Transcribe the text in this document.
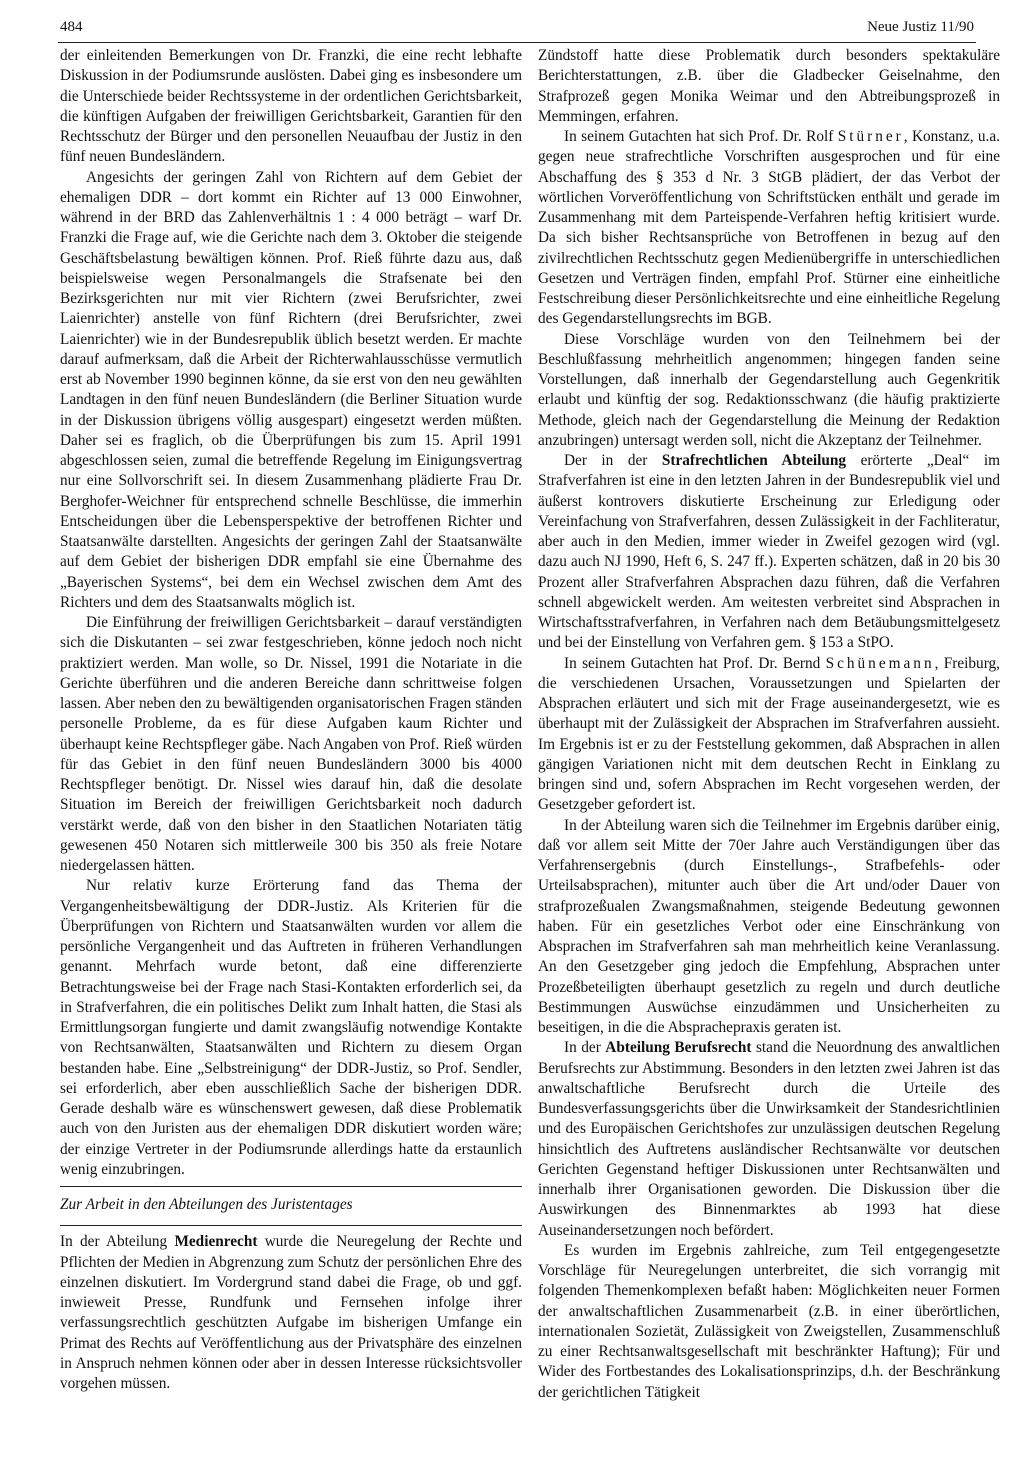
484	Neue Justiz 11/90

der einleitenden Bemerkungen von Dr. Franzki, die eine recht lebhafte Diskussion in der Podiumsrunde auslösten. Dabei ging es insbesondere um die Unterschiede beider Rechtssysteme in der ordentlichen Gerichtsbarkeit, die künftigen Aufgaben der freiwilligen Gerichtsbarkeit, Garantien für den Rechtsschutz der Bürger und den personellen Neuaufbau der Justiz in den fünf neuen Bundesländern.

Angesichts der geringen Zahl von Richtern auf dem Gebiet der ehemaligen DDR – dort kommt ein Richter auf 13 000 Einwohner, während in der BRD das Zahlenverhältnis 1 : 4 000 beträgt – warf Dr. Franzki die Frage auf, wie die Gerichte nach dem 3. Oktober die steigende Geschäftsbelastung bewältigen können. Prof. Rieß führte dazu aus, daß beispielsweise wegen Personalmangels die Strafsenate bei den Bezirksgerichten nur mit vier Richtern (zwei Berufsrichter, zwei Laienrichter) anstelle von fünf Richtern (drei Berufsrichter, zwei Laienrichter) wie in der Bundesrepublik üblich besetzt werden. Er machte darauf aufmerksam, daß die Arbeit der Richterwahlausschüsse vermutlich erst ab November 1990 beginnen könne, da sie erst von den neu gewählten Landtagen in den fünf neuen Bundesländern (die Berliner Situation wurde in der Diskussion übrigens völlig ausgespart) eingesetzt werden müßten. Daher sei es fraglich, ob die Überprüfungen bis zum 15. April 1991 abgeschlossen seien, zumal die betreffende Regelung im Einigungsvertrag nur eine Sollvorschrift sei. In diesem Zusammenhang plädierte Frau Dr. Berghofer-Weichner für entsprechend schnelle Beschlüsse, die immerhin Entscheidungen über die Lebensperspektive der betroffenen Richter und Staatsanwälte darstellten. Angesichts der geringen Zahl der Staatsanwälte auf dem Gebiet der bisherigen DDR empfahl sie eine Übernahme des „Bayerischen Systems“, bei dem ein Wechsel zwischen dem Amt des Richters und dem des Staatsanwalts möglich ist.

Die Einführung der freiwilligen Gerichtsbarkeit – darauf verständigten sich die Diskutanten – sei zwar festgeschrieben, könne jedoch noch nicht praktiziert werden. Man wolle, so Dr. Nissel, 1991 die Notariate in die Gerichte überführen und die anderen Bereiche dann schrittweise folgen lassen. Aber neben den zu bewältigenden organisatorischen Fragen ständen personelle Probleme, da es für diese Aufgaben kaum Richter und überhaupt keine Rechtspfleger gäbe. Nach Angaben von Prof. Rieß würden für das Gebiet in den fünf neuen Bundesländern 3000 bis 4000 Rechtspfleger benötigt. Dr. Nissel wies darauf hin, daß die desolate Situation im Bereich der freiwilligen Gerichtsbarkeit noch dadurch verstärkt werde, daß von den bisher in den Staatlichen Notariaten tätig gewesenen 450 Notaren sich mittlerweile 300 bis 350 als freie Notare niedergelassen hätten.

Nur relativ kurze Erörterung fand das Thema der Vergangenheitsbewältigung der DDR-Justiz. Als Kriterien für die Überprüfungen von Richtern und Staatsanwälten wurden vor allem die persönliche Vergangenheit und das Auftreten in früheren Verhandlungen genannt. Mehrfach wurde betont, daß eine differenzierte Betrachtungsweise bei der Frage nach Stasi-Kontakten erforderlich sei, da in Strafverfahren, die ein politisches Delikt zum Inhalt hatten, die Stasi als Ermittlungsorgan fungierte und damit zwangsläufig notwendige Kontakte von Rechtsanwälten, Staatsanwälten und Richtern zu diesem Organ bestanden habe. Eine „Selbstreinigung“ der DDR-Justiz, so Prof. Sendler, sei erforderlich, aber eben ausschließlich Sache der bisherigen DDR. Gerade deshalb wäre es wünschenswert gewesen, daß diese Problematik auch von den Juristen aus der ehemaligen DDR diskutiert worden wäre; der einzige Vertreter in der Podiumsrunde allerdings hatte da erstaunlich wenig einzubringen.

Zur Arbeit in den Abteilungen des Juristentages

In der Abteilung Medienrecht wurde die Neuregelung der Rechte und Pflichten der Medien in Abgrenzung zum Schutz der persönlichen Ehre des einzelnen diskutiert. Im Vordergrund stand dabei die Frage, ob und ggf. inwieweit Presse, Rundfunk und Fernsehen infolge ihrer verfassungsrechtlich geschützten Aufgabe im bisherigen Umfange ein Primat des Rechts auf Veröffentlichung aus der Privatsphäre des einzelnen in Anspruch nehmen können oder aber in dessen Interesse rücksichtsvoller vorgehen müssen.

Zündstoff hatte diese Problematik durch besonders spektakuläre Berichterstattungen, z.B. über die Gladbecker Geiselnahme, den Strafprozeß gegen Monika Weimar und den Abtreibungsprozeß in Memmingen, erfahren.

In seinem Gutachten hat sich Prof. Dr. Rolf Stürner, Konstanz, u.a. gegen neue strafrechtliche Vorschriften ausgesprochen und für eine Abschaffung des § 353 d Nr. 3 StGB plädiert, der das Verbot der wörtlichen Vorveröffentlichung von Schriftstücken enthält und gerade im Zusammenhang mit dem Parteispende-Verfahren heftig kritisiert wurde. Da sich bisher Rechtsansprüche von Betroffenen in bezug auf den zivilrechtlichen Rechtsschutz gegen Medienübergriffe in unterschiedlichen Gesetzen und Verträgen finden, empfahl Prof. Stürner eine einheitliche Festschreibung dieser Persönlichkeitsrechte und eine einheitliche Regelung des Gegendarstellungsrechts im BGB.

Diese Vorschläge wurden von den Teilnehmern bei der Beschlußfassung mehrheitlich angenommen; hingegen fanden seine Vorstellungen, daß innerhalb der Gegendarstellung auch Gegenkritik erlaubt und künftig der sog. Redaktionsschwanz (die häufig praktizierte Methode, gleich nach der Gegendarstellung die Meinung der Redaktion anzubringen) untersagt werden soll, nicht die Akzeptanz der Teilnehmer.

Der in der Strafrechtlichen Abteilung erörterte „Deal“ im Strafverfahren ist eine in den letzten Jahren in der Bundesrepublik viel und äußerst kontrovers diskutierte Erscheinung zur Erledigung oder Vereinfachung von Strafverfahren, dessen Zulässigkeit in der Fachliteratur, aber auch in den Medien, immer wieder in Zweifel gezogen wird (vgl. dazu auch NJ 1990, Heft 6, S. 247 ff.). Experten schätzen, daß in 20 bis 30 Prozent aller Strafverfahren Absprachen dazu führen, daß die Verfahren schnell abgewickelt werden. Am weitesten verbreitet sind Absprachen in Wirtschaftsstrafverfahren, in Verfahren nach dem Betäubungsmittelgesetz und bei der Einstellung von Verfahren gem. § 153 a StPO.

In seinem Gutachten hat Prof. Dr. Bernd Schünemann, Freiburg, die verschiedenen Ursachen, Voraussetzungen und Spielarten der Absprachen erläutert und sich mit der Frage auseinandergesetzt, wie es überhaupt mit der Zulässigkeit der Absprachen im Strafverfahren aussieht. Im Ergebnis ist er zu der Feststellung gekommen, daß Absprachen in allen gängigen Variationen nicht mit dem deutschen Recht in Einklang zu bringen sind und, sofern Absprachen im Recht vorgesehen werden, der Gesetzgeber gefordert ist.

In der Abteilung waren sich die Teilnehmer im Ergebnis darüber einig, daß vor allem seit Mitte der 70er Jahre auch Verständigungen über das Verfahrensergebnis (durch Einstellungs-, Strafbefehls- oder Urteilsabsprachen), mitunter auch über die Art und/oder Dauer von strafprozeßualen Zwangsmaßnahmen, steigende Bedeutung gewonnen haben. Für ein gesetzliches Verbot oder eine Einschränkung von Absprachen im Strafverfahren sah man mehrheitlich keine Veranlassung. An den Gesetzgeber ging jedoch die Empfehlung, Absprachen unter Prozeßbeteiligten überhaupt gesetzlich zu regeln und durch deutliche Bestimmungen Auswüchse einzudämmen und Unsicherheiten zu beseitigen, in die die Absprachepraxis geraten ist.

In der Abteilung Berufsrecht stand die Neuordnung des anwaltlichen Berufsrechts zur Abstimmung. Besonders in den letzten zwei Jahren ist das anwaltschaftliche Berufsrecht durch die Urteile des Bundesverfassungsgerichts über die Unwirksamkeit der Standesrichtlinien und des Europäischen Gerichtshofes zur unzulässigen deutschen Regelung hinsichtlich des Auftretens ausländischer Rechtsanwälte vor deutschen Gerichten Gegenstand heftiger Diskussionen unter Rechtsanwälten und innerhalb ihrer Organisationen geworden. Die Diskussion über die Auswirkungen des Binnenmarktes ab 1993 hat diese Auseinandersetzungen noch befördert.

Es wurden im Ergebnis zahlreiche, zum Teil entgegengesetzte Vorschläge für Neuregelungen unterbreitet, die sich vorrangig mit folgenden Themenkomplexen befaßt haben: Möglichkeiten neuer Formen der anwaltschaftlichen Zusammenarbeit (z.B. in einer überörtlichen, internationalen Sozietät, Zulässigkeit von Zweigstellen, Zusammenschluß zu einer Rechtsanwaltsgesellschaft mit beschränkter Haftung); Für und Wider des Fortbestandes des Lokalisationsprinzips, d.h. der Beschränkung der gerichtlichen Tätigkeit
